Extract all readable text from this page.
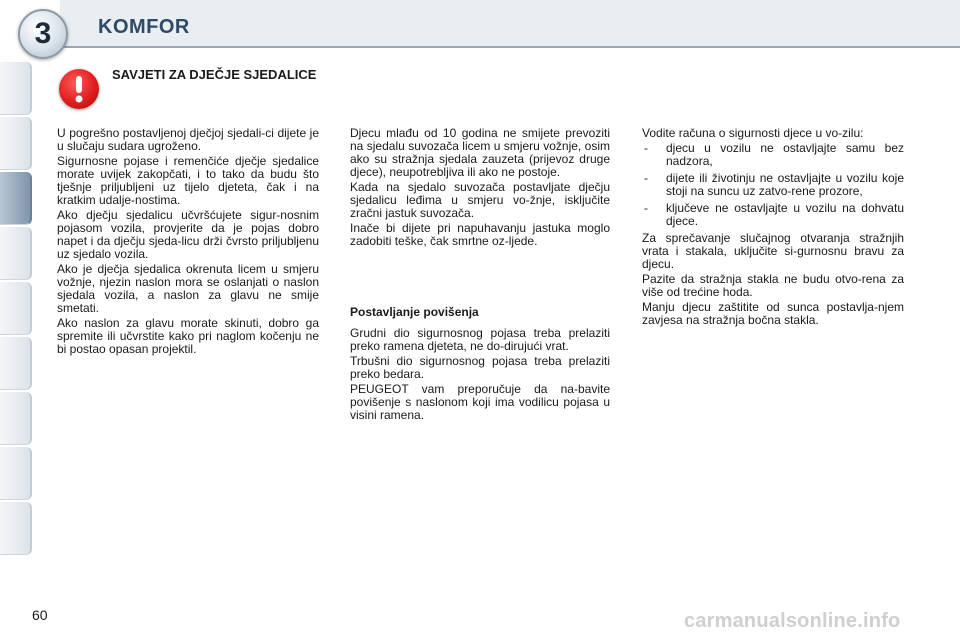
3	KOMFOR
SAVJETI ZA DJEČJE SJEDALICE

U pogrešno postavljenoj dječjoj sjedali-ci dijete je u slučaju sudara ugroženo.

Sigurnosne pojase i remenčiće dječje sjedalice morate uvijek zakopčati, i to tako da budu što tješnje priljubljeni uz tijelo djeteta, čak i na kratkim udalje-nostima.

Ako dječju sjedalicu učvršćujete sigur-nosnim pojasom vozila, provjerite da je pojas dobro napet i da dječju sjeda-licu drži čvrsto priljubljenu uz sjedalo vozila.

Ako je dječja sjedalica okrenuta licem u smjeru vožnje, njezin naslon mora se oslanjati o naslon sjedala vozila, a naslon za glavu ne smije smetati.

Ako naslon za glavu morate skinuti, dobro ga spremite ili učvrstite kako pri naglom kočenju ne bi postao opasan projektil.

Djecu mlađu od 10 godina ne smijete prevoziti na sjedalu suvozača licem u smjeru vožnje, osim ako su stražnja sjedala zauzeta (prijevoz druge djece), neupotrebljiva ili ako ne postoje.

Kada na sjedalo suvozača postavljate dječju sjedalicu leđima u smjeru vo-žnje, isključite zračni jastuk suvozača.

Inače bi dijete pri napuhavanju jastuka moglo zadobiti teške, čak smrtne oz-ljede.

Postavljanje povišenja

Grudni dio sigurnosnog pojasa treba prelaziti preko ramena djeteta, ne do-dirujući vrat.

Trbušni dio sigurnosnog pojasa treba prelaziti preko bedara.

PEUGEOT vam preporučuje da na-bavite povišenje s naslonom koji ima vodilicu pojasa u visini ramena.

Vodite računa o sigurnosti djece u vo-zilu:

- djecu u vozilu ne ostavljajte samu bez nadzora,
- dijete ili životinju ne ostavljajte u vozilu koje stoji na suncu uz zatvo-rene prozore,
- ključeve ne ostavljajte u vozilu na dohvatu djece.

Za sprečavanje slučajnog otvaranja stražnjih vrata i stakala, uključite si-gurnosnu bravu za djecu.

Pazite da stražnja stakla ne budu otvo-rena za više od trećine hoda.

Manju djecu zaštitite od sunca postavlja-njem zavjesa na stražnja bočna stakla.

60	carmanualsonline.info
